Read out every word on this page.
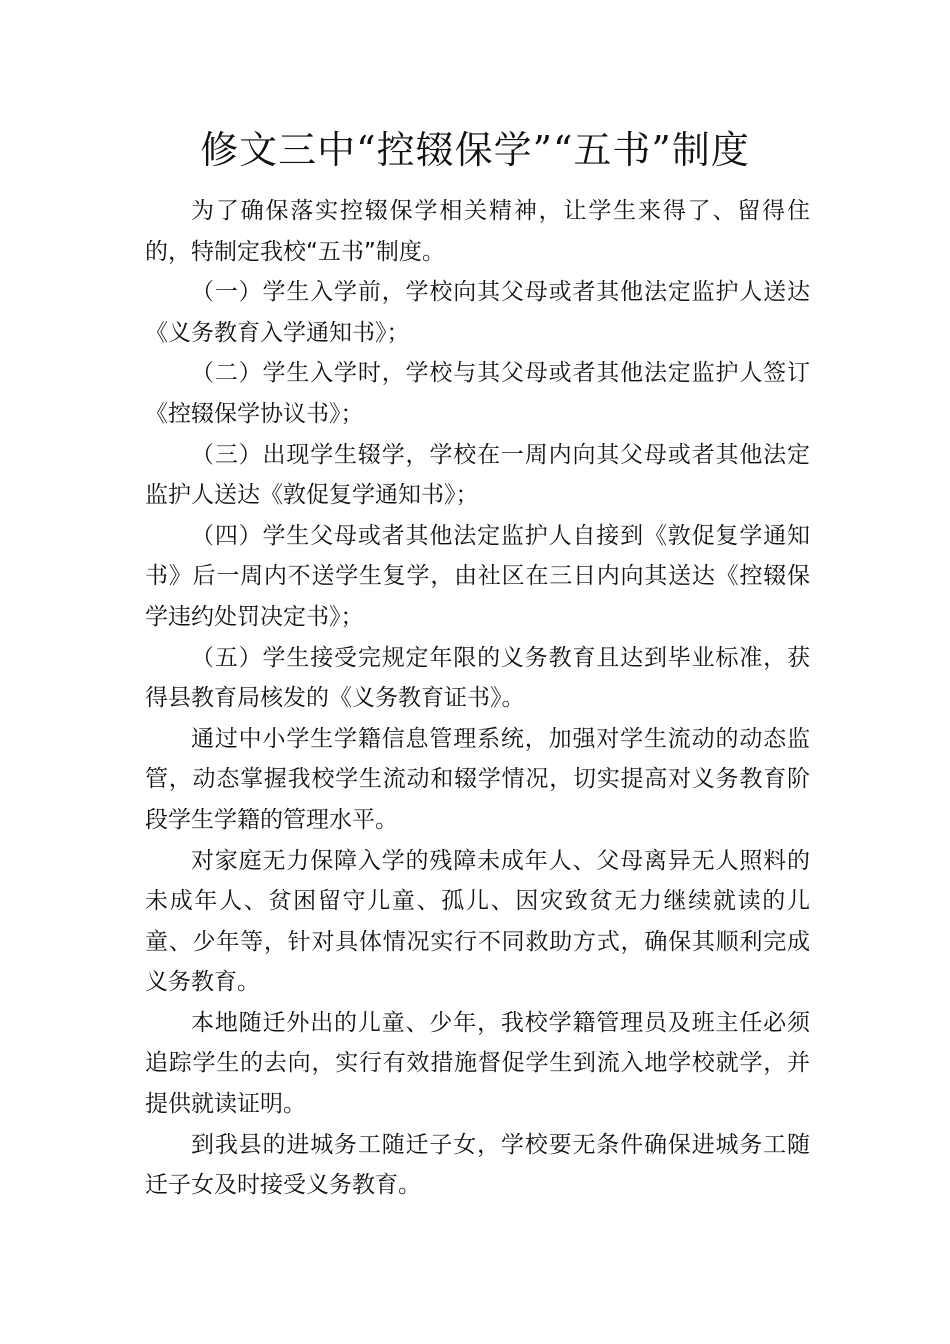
修文三中“控辍保学”“五书”制度

为了确保落实控辍保学相关精神，让学生来得了、留得住的，特制定我校“五书”制度。

（一）学生入学前，学校向其父母或者其他法定监护人送达《义务教育入学通知书》；

（二）学生入学时，学校与其父母或者其他法定监护人签订《控辍保学协议书》；

（三）出现学生辍学，学校在一周内向其父母或者其他法定监护人送达《敦促复学通知书》；

（四）学生父母或者其他法定监护人自接到《敦促复学通知书》后一周内不送学生复学，由社区在三日内向其送达《控辍保学违约处罚决定书》；

（五）学生接受完规定年限的义务教育且达到毕业标准，获得县教育局核发的《义务教育证书》。

通过中小学生学籍信息管理系统，加强对学生流动的动态监管，动态掌握我校学生流动和辍学情况，切实提高对义务教育阶段学生学籍的管理水平。

对家庭无力保障入学的残障未成年人、父母离异无人照料的未成年人、贫困留守儿童、孤儿、因灾致贫无力继续就读的儿童、少年等，针对具体情况实行不同救助方式，确保其顺利完成义务教育。

本地随迁外出的儿童、少年，我校学籍管理员及班主任必须追踪学生的去向，实行有效措施督促学生到流入地学校就学，并提供就读证明。

到我县的进城务工随迁子女，学校要无条件确保进城务工随迁子女及时接受义务教育。
